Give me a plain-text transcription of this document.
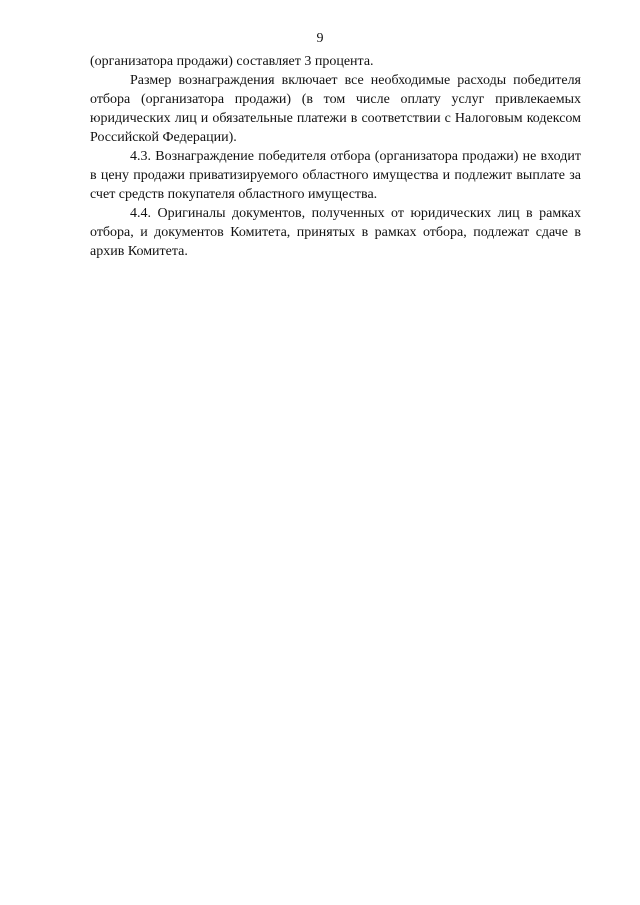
9

(организатора продажи) составляет 3 процента.

Размер вознаграждения включает все необходимые расходы победителя отбора (организатора продажи) (в том числе оплату услуг привлекаемых юридических лиц и обязательные платежи в соответствии с Налоговым кодексом Российской Федерации).

4.3. Вознаграждение победителя отбора (организатора продажи) не входит в цену продажи приватизируемого областного имущества и подлежит выплате за счет средств покупателя областного имущества.

4.4. Оригиналы документов, полученных от юридических лиц в рамках отбора, и документов Комитета, принятых в рамках отбора, подлежат сдаче в архив Комитета.
